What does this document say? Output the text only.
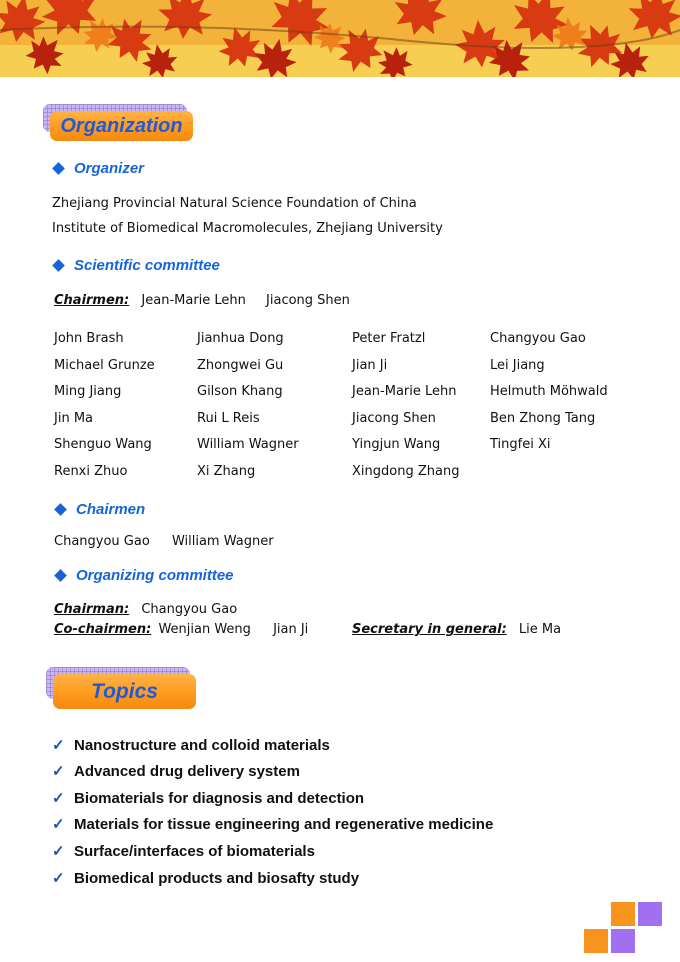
Organization
Organizer
Zhejiang Provincial Natural Science Foundation of China
Institute of Biomedical Macromolecules, Zhejiang University
Scientific committee
Chairmen: Jean-Marie Lehn Jiacong Shen
John Brash	Jianhua Dong	Peter Fratzl	Changyou Gao
Michael Grunze	Zhongwei Gu	Jian Ji	Lei Jiang
Ming Jiang	Gilson Khang	Jean-Marie Lehn	Helmuth Möhwald
Jin Ma	Rui L Reis	Jiacong Shen	Ben Zhong Tang
Shenguo Wang	William Wagner	Yingjun Wang	Tingfei Xi
Renxi Zhuo	Xi Zhang	Xingdong Zhang
Chairmen
Changyou Gao William Wagner
Organizing committee
Chairman: Changyou Gao
Co-chairmen: Wenjian Weng Jian Ji	Secretary in general: Lie Ma
Topics
✓ Nanostructure and colloid materials
✓ Advanced drug delivery system
✓ Biomaterials for diagnosis and detection
✓ Materials for tissue engineering and regenerative medicine
✓ Surface/interfaces of biomaterials
✓ Biomedical products and biosafty study
